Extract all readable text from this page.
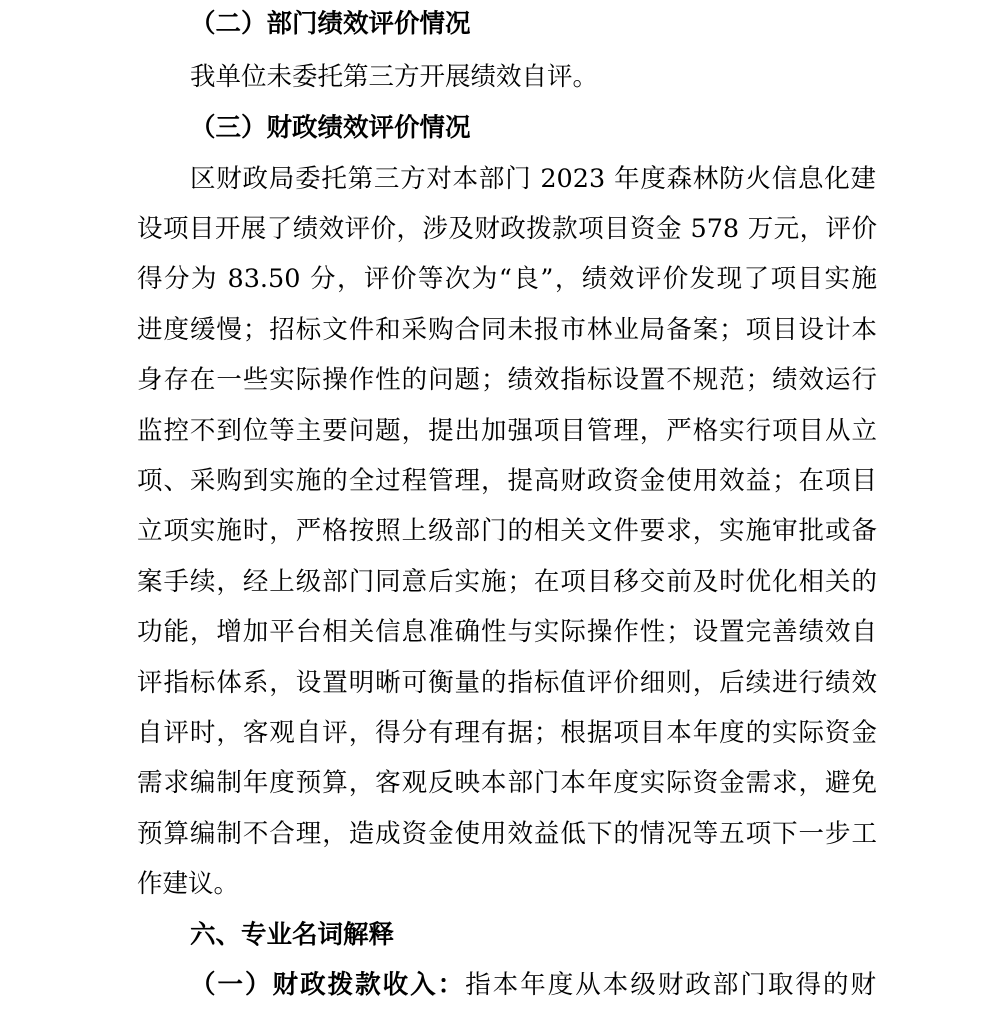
（二）部门绩效评价情况
我单位未委托第三方开展绩效自评。
（三）财政绩效评价情况
区财政局委托第三方对本部门 2023 年度森林防火信息化建
设项目开展了绩效评价，涉及财政拨款项目资金 578 万元，评价
得分为 83.50 分，评价等次为“良”，绩效评价发现了项目实施
进度缓慢；招标文件和采购合同未报市林业局备案；项目设计本
身存在一些实际操作性的问题；绩效指标设置不规范；绩效运行
监控不到位等主要问题，提出加强项目管理，严格实行项目从立
项、采购到实施的全过程管理，提高财政资金使用效益；在项目
立项实施时，严格按照上级部门的相关文件要求，实施审批或备
案手续，经上级部门同意后实施；在项目移交前及时优化相关的
功能，增加平台相关信息准确性与实际操作性；设置完善绩效自
评指标体系，设置明晰可衡量的指标值评价细则，后续进行绩效
自评时，客观自评，得分有理有据；根据项目本年度的实际资金
需求编制年度预算，客观反映本部门本年度实际资金需求，避免
预算编制不合理，造成资金使用效益低下的情况等五项下一步工
作建议。
六、专业名词解释
（一）财政拨款收入：指本年度从本级财政部门取得的财
